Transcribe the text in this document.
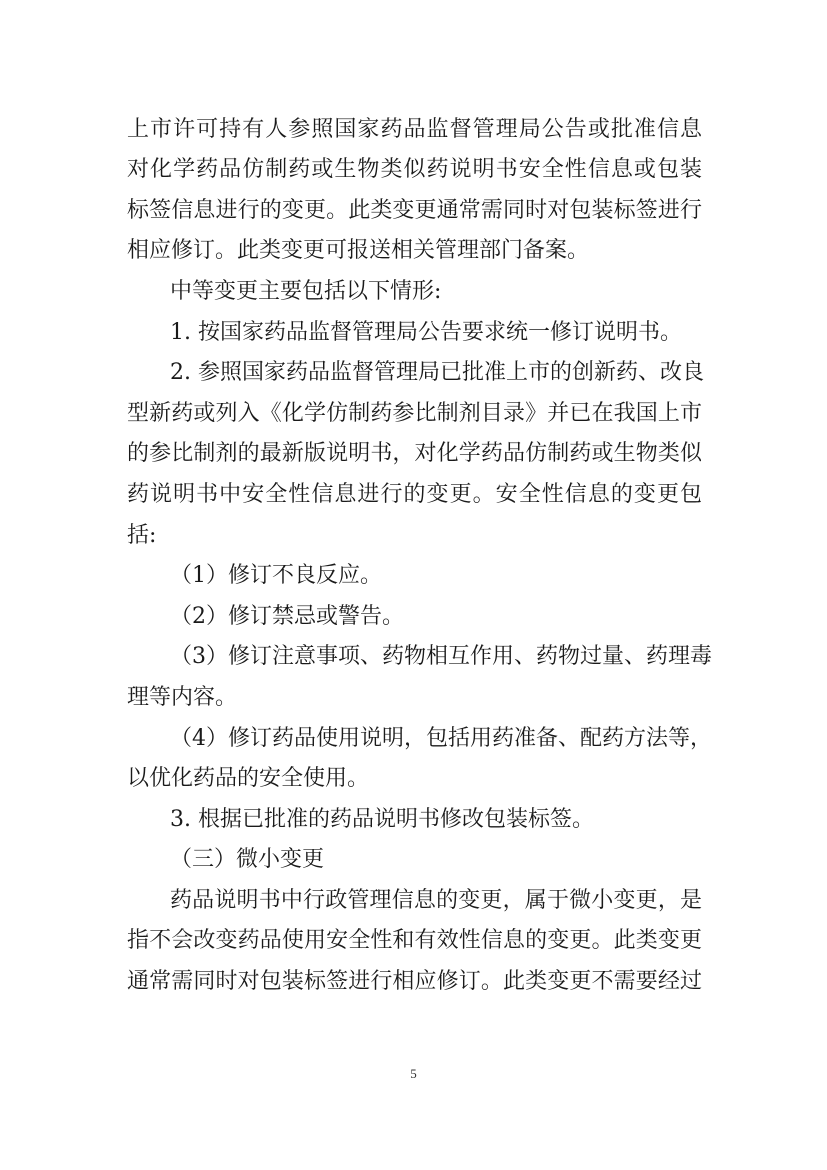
上市许可持有人参照国家药品监督管理局公告或批准信息
对化学药品仿制药或生物类似药说明书安全性信息或包装
标签信息进行的变更。此类变更通常需同时对包装标签进行
相应修订。此类变更可报送相关管理部门备案。
中等变更主要包括以下情形:
1. 按国家药品监督管理局公告要求统一修订说明书。
2. 参照国家药品监督管理局已批准上市的创新药、改良
型新药或列入《化学仿制药参比制剂目录》并已在我国上市
的参比制剂的最新版说明书，对化学药品仿制药或生物类似
药说明书中安全性信息进行的变更。安全性信息的变更包
括:
（1）修订不良反应。
（2）修订禁忌或警告。
（3）修订注意事项、药物相互作用、药物过量、药理毒
理等内容。
（4）修订药品使用说明，包括用药准备、配药方法等，
以优化药品的安全使用。
3. 根据已批准的药品说明书修改包装标签。
（三）微小变更
药品说明书中行政管理信息的变更，属于微小变更，是
指不会改变药品使用安全性和有效性信息的变更。此类变更
通常需同时对包装标签进行相应修订。此类变更不需要经过
5
